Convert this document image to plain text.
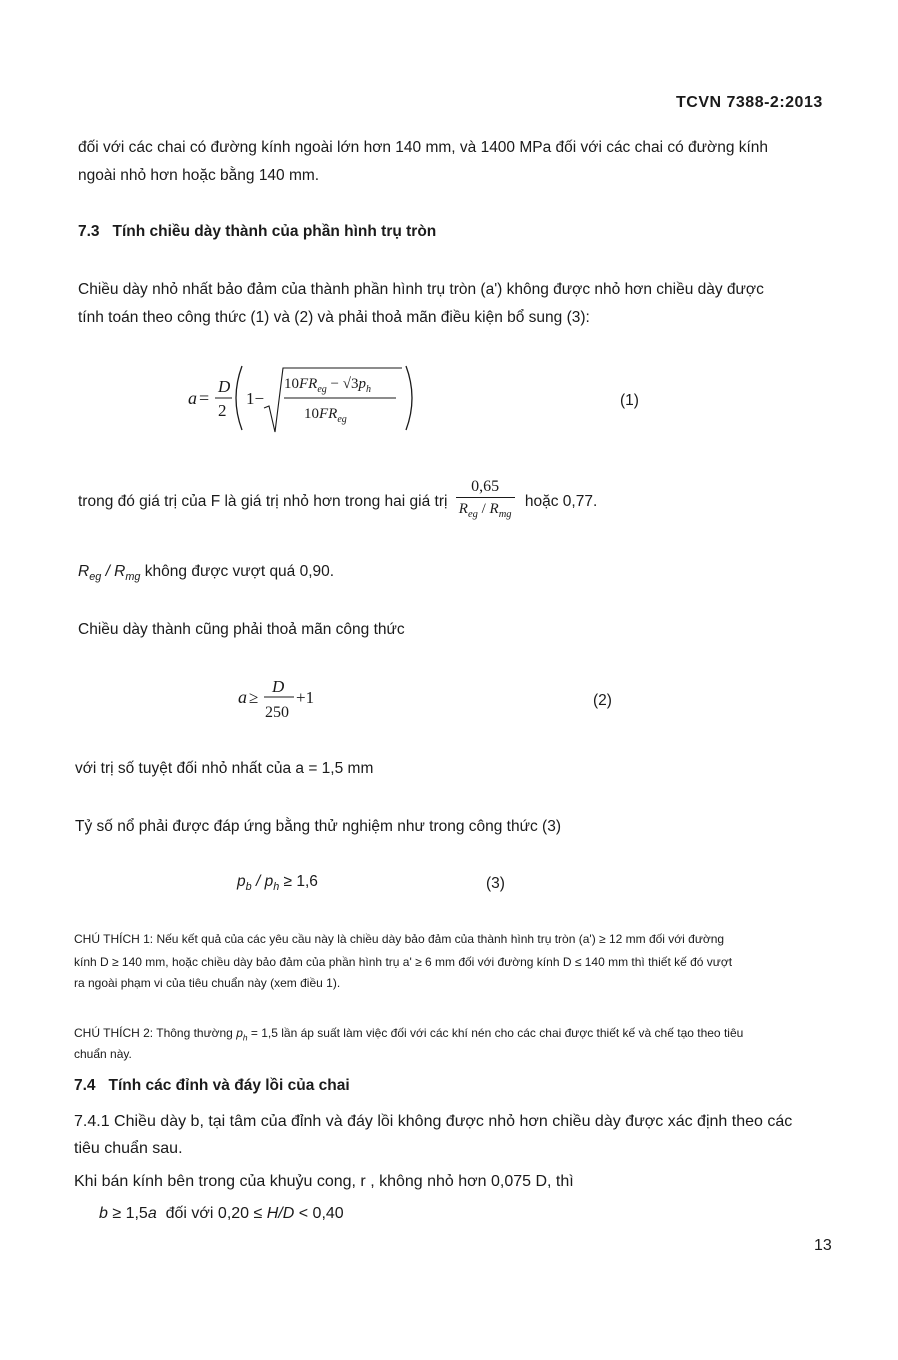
TCVN 7388-2:2013
đối với các chai có đường kính ngoài lớn hơn 140 mm, và 1400 MPa đối với các chai có đường kính
ngoài nhỏ hơn hoặc bằng 140 mm.
7.3 Tính chiều dày thành của phần hình trụ tròn
Chiều dày nhỏ nhất bảo đảm của thành phần hình trụ tròn (a') không được nhỏ hơn chiều dày được
tính toán theo công thức (1) và (2) và phải thoả mãn điều kiện bổ sung (3):
a =
D
2
1−
$10FR_{eg} - √3p_h$
$10FR_{eg}$
(1)
trong đó giá trị của F là giá trị nhỏ hơn trong hai giá trị $\frac{0,65}{R_{eg} / R_{mg}}$ hoặc 0,77.
$R_{eg} / R_{mg}$ không được vượt quá 0,90.
Chiều dày thành cũng phải thoả mãn công thức
a ≥
D
250
+1	(2)
với trị số tuyệt đối nhỏ nhất của a = 1,5 mm
Tỷ số nổ phải được đáp ứng bằng thử nghiệm như trong công thức (3)
$p_b / p_h \ge 1,6$	(3)
CHÚ THÍCH 1: Nếu kết quả của các yêu cầu này là chiều dày bảo đảm của thành hình trụ tròn (a') ≥ 12 mm đối với đường
kính D ≥ 140 mm, hoặc chiều dày bảo đảm của phần hình trụ a' ≥ 6 mm đối với đường kính D ≤ 140 mm thì thiết kế đó vượt
ra ngoài phạm vi của tiêu chuẩn này (xem điều 1).
CHÚ THÍCH 2: Thông thường $p_h = 1,5$ lần áp suất làm việc đối với các khí nén cho các chai được thiết kế và chế tạo theo tiêu
chuẩn này.
7.4 Tính các đỉnh và đáy lồi của chai
7.4.1 Chiều dày b, tại tâm của đỉnh và đáy lồi không được nhỏ hơn chiều dày được xác định theo các
tiêu chuẩn sau.
Khi bán kính bên trong của khuỷu cong, r , không nhỏ hơn 0,075 D, thì
b ≥ 1,5a đối với 0,20 ≤ H/D < 0,40
13
